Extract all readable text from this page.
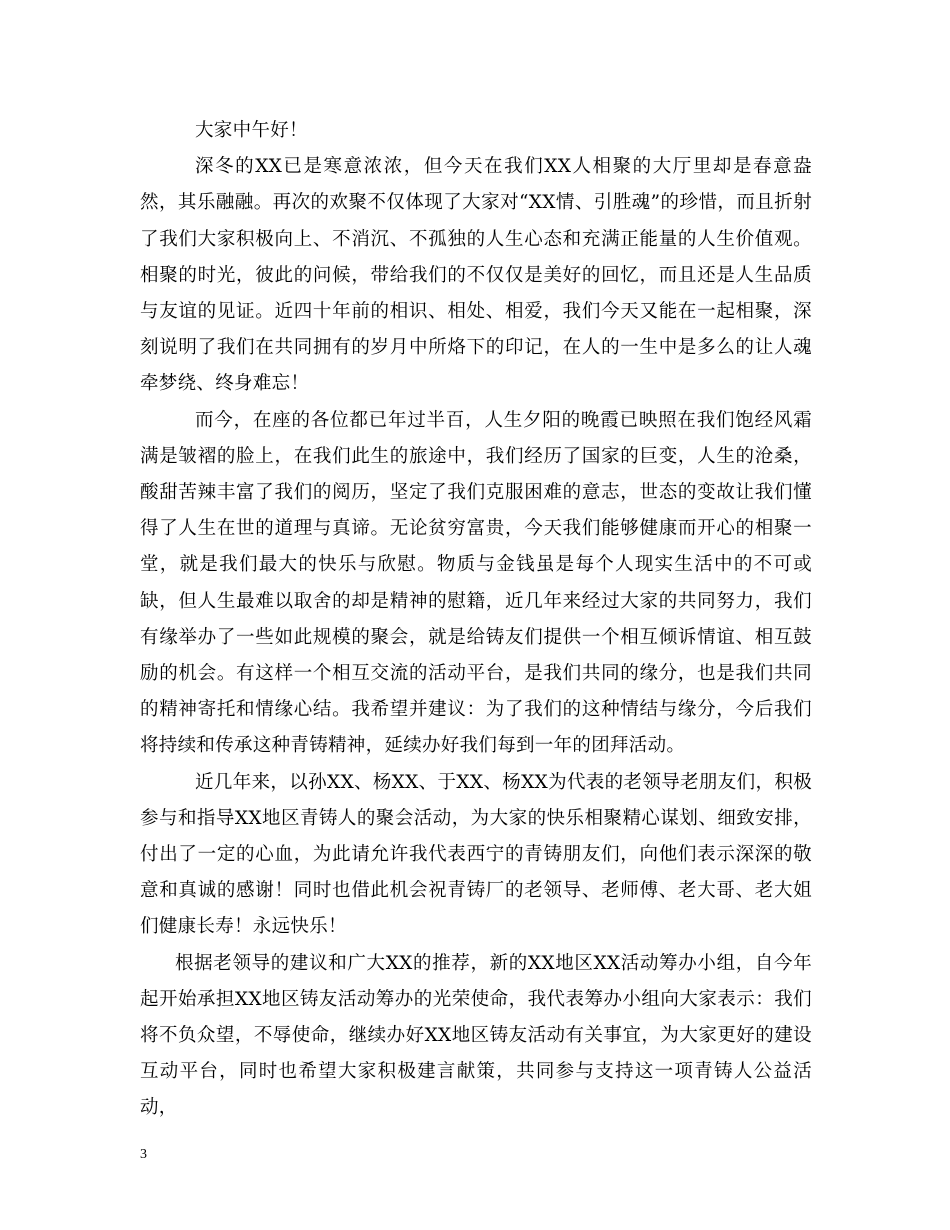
大家中午好！

深冬的XX已是寒意浓浓，但今天在我们XX人相聚的大厅里却是春意盎然，其乐融融。再次的欢聚不仅体现了大家对“XX情、引胜魂”的珍惜，而且折射了我们大家积极向上、不消沉、不孤独的人生心态和充满正能量的人生价值观。相聚的时光，彼此的问候，带给我们的不仅仅是美好的回忆，而且还是人生品质与友谊的见证。近四十年前的相识、相处、相爱，我们今天又能在一起相聚，深刻说明了我们在共同拥有的岁月中所烙下的印记，在人的一生中是多么的让人魂牵梦绕、终身难忘！

而今，在座的各位都已年过半百，人生夕阳的晚霞已映照在我们饱经风霜满是皱褶的脸上，在我们此生的旅途中，我们经历了国家的巨变，人生的沧桑，酸甜苦辣丰富了我们的阅历，坚定了我们克服困难的意志，世态的变故让我们懂得了人生在世的道理与真谛。无论贫穷富贵，今天我们能够健康而开心的相聚一堂，就是我们最大的快乐与欣慰。物质与金钱虽是每个人现实生活中的不可或缺，但人生最难以取舍的却是精神的慰籍，近几年来经过大家的共同努力，我们有缘举办了一些如此规模的聚会，就是给铸友们提供一个相互倾诉情谊、相互鼓励的机会。有这样一个相互交流的活动平台，是我们共同的缘分，也是我们共同的精神寄托和情缘心结。我希望并建议：为了我们的这种情结与缘分，今后我们将持续和传承这种青铸精神，延续办好我们每到一年的团拜活动。

近几年来，以孙XX、杨XX、于XX、杨XX为代表的老领导老朋友们，积极参与和指导XX地区青铸人的聚会活动，为大家的快乐相聚精心谋划、细致安排，付出了一定的心血，为此请允许我代表西宁的青铸朋友们，向他们表示深深的敬意和真诚的感谢！同时也借此机会祝青铸厂的老领导、老师傅、老大哥、老大姐们健康长寿！永远快乐！

根据老领导的建议和广大XX的推荐，新的XX地区XX活动筹办小组，自今年起开始承担XX地区铸友活动筹办的光荣使命，我代表筹办小组向大家表示：我们将不负众望，不辱使命，继续办好XX地区铸友活动有关事宜，为大家更好的建设互动平台，同时也希望大家积极建言献策，共同参与支持这一项青铸人公益活动，

3
